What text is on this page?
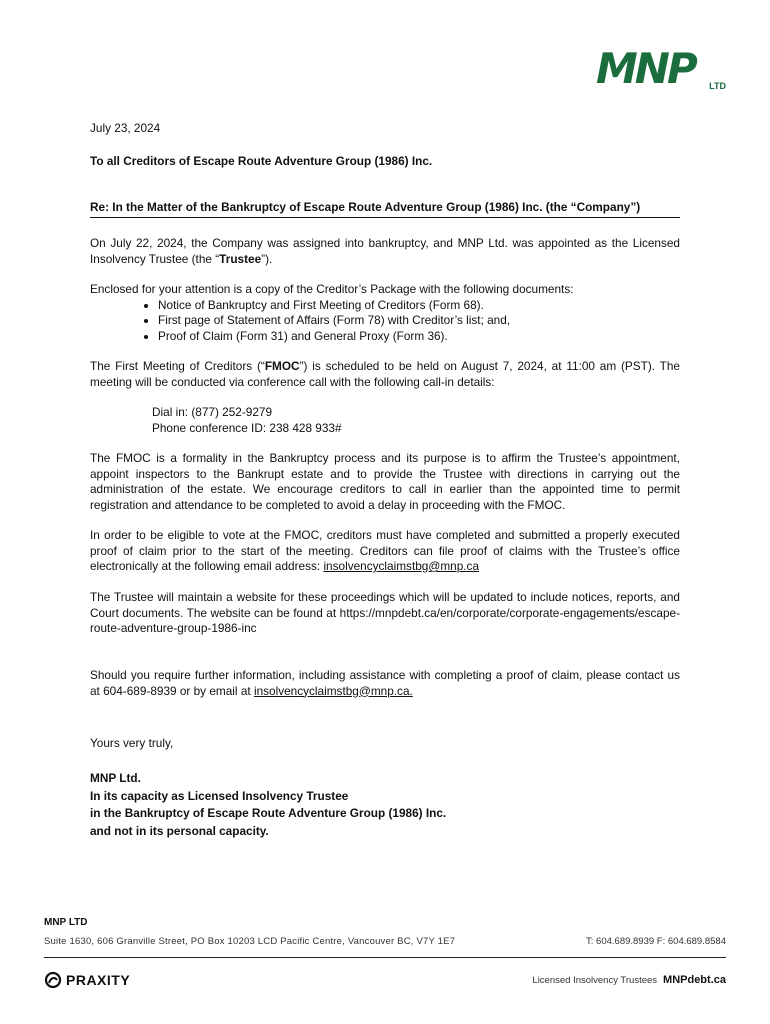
MNP LTD
July 23, 2024
To all Creditors of Escape Route Adventure Group (1986) Inc.
Re: In the Matter of the Bankruptcy of Escape Route Adventure Group (1986) Inc. (the “Company”)
On July 22, 2024, the Company was assigned into bankruptcy, and MNP Ltd. was appointed as the Licensed Insolvency Trustee (the “Trustee”).
Enclosed for your attention is a copy of the Creditor’s Package with the following documents:
• Notice of Bankruptcy and First Meeting of Creditors (Form 68).
• First page of Statement of Affairs (Form 78) with Creditor’s list; and,
• Proof of Claim (Form 31) and General Proxy (Form 36).
The First Meeting of Creditors (“FMOC”) is scheduled to be held on August 7, 2024, at 11:00 am (PST). The meeting will be conducted via conference call with the following call-in details:
Dial in: (877) 252-9279
Phone conference ID: 238 428 933#
The FMOC is a formality in the Bankruptcy process and its purpose is to affirm the Trustee’s appointment, appoint inspectors to the Bankrupt estate and to provide the Trustee with directions in carrying out the administration of the estate. We encourage creditors to call in earlier than the appointed time to permit registration and attendance to be completed to avoid a delay in proceeding with the FMOC.
In order to be eligible to vote at the FMOC, creditors must have completed and submitted a properly executed proof of claim prior to the start of the meeting. Creditors can file proof of claims with the Trustee’s office electronically at the following email address: insolvencyclaimstbg@mnp.ca
The Trustee will maintain a website for these proceedings which will be updated to include notices, reports, and Court documents. The website can be found at https://mnpdebt.ca/en/corporate/corporate-engagements/escape-route-adventure-group-1986-inc
Should you require further information, including assistance with completing a proof of claim, please contact us at 604-689-8939 or by email at insolvencyclaimstbg@mnp.ca.
Yours very truly,
MNP Ltd.
In its capacity as Licensed Insolvency Trustee
in the Bankruptcy of Escape Route Adventure Group (1986) Inc.
and not in its personal capacity.
MNP LTD
Suite 1630, 606 Granville Street, PO Box 10203 LCD Pacific Centre, Vancouver BC, V7Y 1E7	T: 604.689.8939 F: 604.689.8584
PRAXITY	Licensed Insolvency Trustees MNPdebt.ca
